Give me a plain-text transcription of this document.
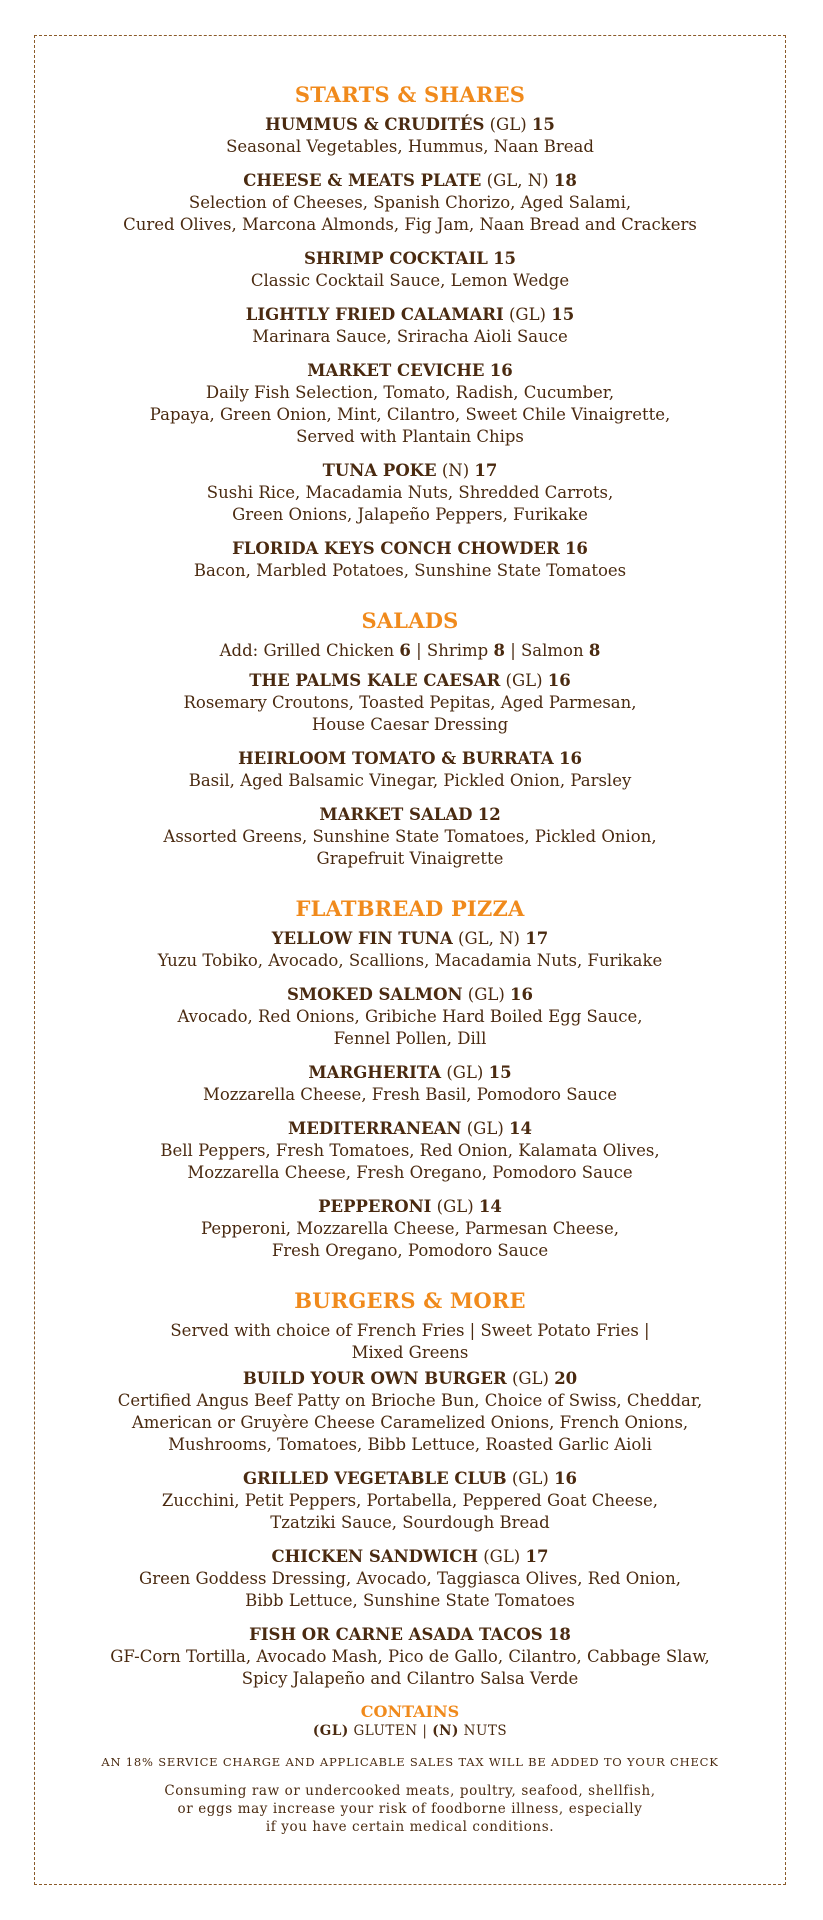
STARTS & SHARES
HUMMUS & CRUDITÉS (GL) 15
Seasonal Vegetables, Hummus, Naan Bread
CHEESE & MEATS PLATE (GL, N) 18
Selection of Cheeses, Spanish Chorizo, Aged Salami,
Cured Olives, Marcona Almonds, Fig Jam, Naan Bread and Crackers
SHRIMP COCKTAIL 15
Classic Cocktail Sauce, Lemon Wedge
LIGHTLY FRIED CALAMARI (GL) 15
Marinara Sauce, Sriracha Aioli Sauce
MARKET CEVICHE 16
Daily Fish Selection, Tomato, Radish, Cucumber,
Papaya, Green Onion, Mint, Cilantro, Sweet Chile Vinaigrette,
Served with Plantain Chips
TUNA POKE (N) 17
Sushi Rice, Macadamia Nuts, Shredded Carrots,
Green Onions, Jalapeño Peppers, Furikake
FLORIDA KEYS CONCH CHOWDER 16
Bacon, Marbled Potatoes, Sunshine State Tomatoes
SALADS
Add: Grilled Chicken 6 | Shrimp 8 | Salmon 8
THE PALMS KALE CAESAR (GL) 16
Rosemary Croutons, Toasted Pepitas, Aged Parmesan,
House Caesar Dressing
HEIRLOOM TOMATO & BURRATA 16
Basil, Aged Balsamic Vinegar, Pickled Onion, Parsley
MARKET SALAD 12
Assorted Greens, Sunshine State Tomatoes, Pickled Onion,
Grapefruit Vinaigrette
FLATBREAD PIZZA
YELLOW FIN TUNA (GL, N) 17
Yuzu Tobiko, Avocado, Scallions, Macadamia Nuts, Furikake
SMOKED SALMON (GL) 16
Avocado, Red Onions, Gribiche Hard Boiled Egg Sauce,
Fennel Pollen, Dill
MARGHERITA (GL) 15
Mozzarella Cheese, Fresh Basil, Pomodoro Sauce
MEDITERRANEAN (GL) 14
Bell Peppers, Fresh Tomatoes, Red Onion, Kalamata Olives,
Mozzarella Cheese, Fresh Oregano, Pomodoro Sauce
PEPPERONI (GL) 14
Pepperoni, Mozzarella Cheese, Parmesan Cheese,
Fresh Oregano, Pomodoro Sauce
BURGERS & MORE
Served with choice of French Fries | Sweet Potato Fries |
Mixed Greens
BUILD YOUR OWN BURGER (GL) 20
Certified Angus Beef Patty on Brioche Bun, Choice of Swiss, Cheddar,
American or Gruyère Cheese Caramelized Onions, French Onions,
Mushrooms, Tomatoes, Bibb Lettuce, Roasted Garlic Aioli
GRILLED VEGETABLE CLUB (GL) 16
Zucchini, Petit Peppers, Portabella, Peppered Goat Cheese,
Tzatziki Sauce, Sourdough Bread
CHICKEN SANDWICH (GL) 17
Green Goddess Dressing, Avocado, Taggiasca Olives, Red Onion,
Bibb Lettuce, Sunshine State Tomatoes
FISH OR CARNE ASADA TACOS 18
GF-Corn Tortilla, Avocado Mash, Pico de Gallo, Cilantro, Cabbage Slaw,
Spicy Jalapeño and Cilantro Salsa Verde
CONTAINS
(GL) GLUTEN | (N) NUTS
AN 18% SERVICE CHARGE AND APPLICABLE SALES TAX WILL BE ADDED TO YOUR CHECK
Consuming raw or undercooked meats, poultry, seafood, shellfish,
or eggs may increase your risk of foodborne illness, especially
if you have certain medical conditions.
